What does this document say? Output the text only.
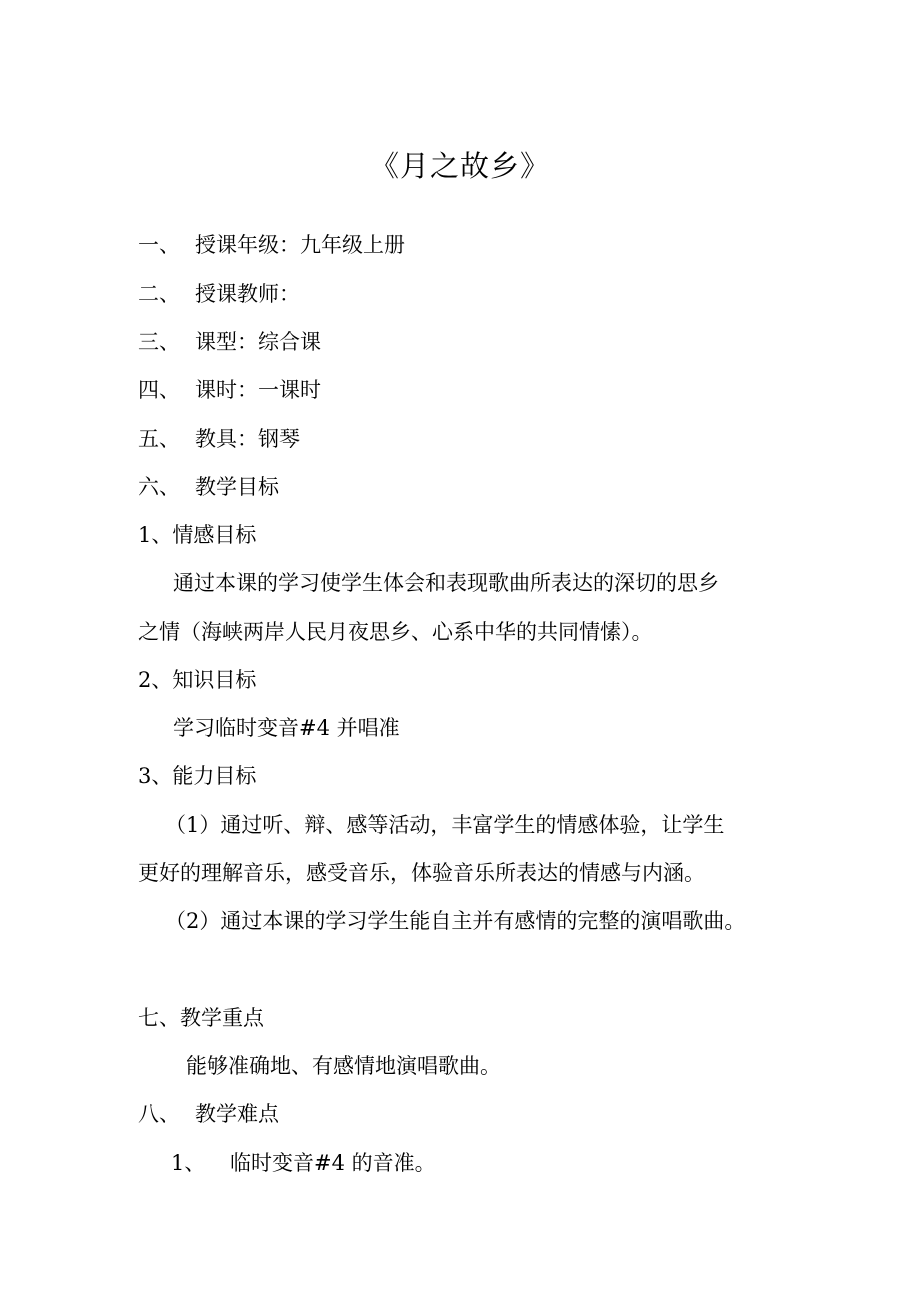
《月之故乡》
一、 授课年级：九年级上册
二、 授课教师：
三、 课型：综合课
四、 课时：一课时
五、 教具：钢琴
六、 教学目标
1、情感目标
通过本课的学习使学生体会和表现歌曲所表达的深切的思乡
之情（海峡两岸人民月夜思乡、心系中华的共同情愫）。
2、知识目标
学习临时变音#4 并唱准
3、能力目标
（1）通过听、辩、感等活动，丰富学生的情感体验，让学生
更好的理解音乐，感受音乐，体验音乐所表达的情感与内涵。
（2）通过本课的学习学生能自主并有感情的完整的演唱歌曲。
七、教学重点
能够准确地、有感情地演唱歌曲。
八、 教学难点
1、 临时变音#4 的音准。
